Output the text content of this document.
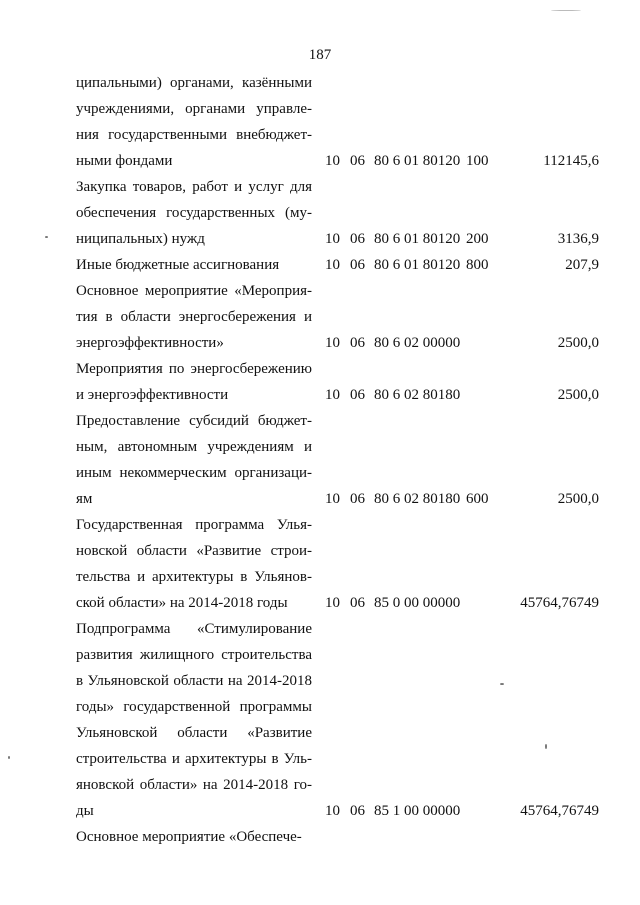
187
ципальными) органами, казёнными
учреждениями, органами управле-
ния государственными внебюджет-
ными фондами	10 06 80 6 01 80120 100	112145,6
Закупка товаров, работ и услуг для
обеспечения государственных (му-
ниципальных) нужд	10 06 80 6 01 80120 200	3136,9
Иные бюджетные ассигнования	10 06 80 6 01 80120 800	207,9
Основное мероприятие «Мероприя-
тия в области энергосбережения и
энергоэффективности»	10 06 80 6 02 00000	2500,0
Мероприятия по энергосбережению
и энергоэффективности	10 06 80 6 02 80180	2500,0
Предоставление субсидий бюджет-
ным, автономным учреждениям и
иным некоммерческим организаци-
ям	10 06 80 6 02 80180 600	2500,0
Государственная программа Улья-
новской области «Развитие строи-
тельства и архитектуры в Ульянов-
ской области» на 2014-2018 годы	10 06 85 0 00 00000	45764,76749
Подпрограмма «Стимулирование
развития жилищного строительства
в Ульяновской области на 2014-2018
годы» государственной программы
Ульяновской области «Развитие
строительства и архитектуры в Уль-
яновской области» на 2014-2018 го-
ды	10 06 85 1 00 00000	45764,76749
Основное мероприятие «Обеспече-
